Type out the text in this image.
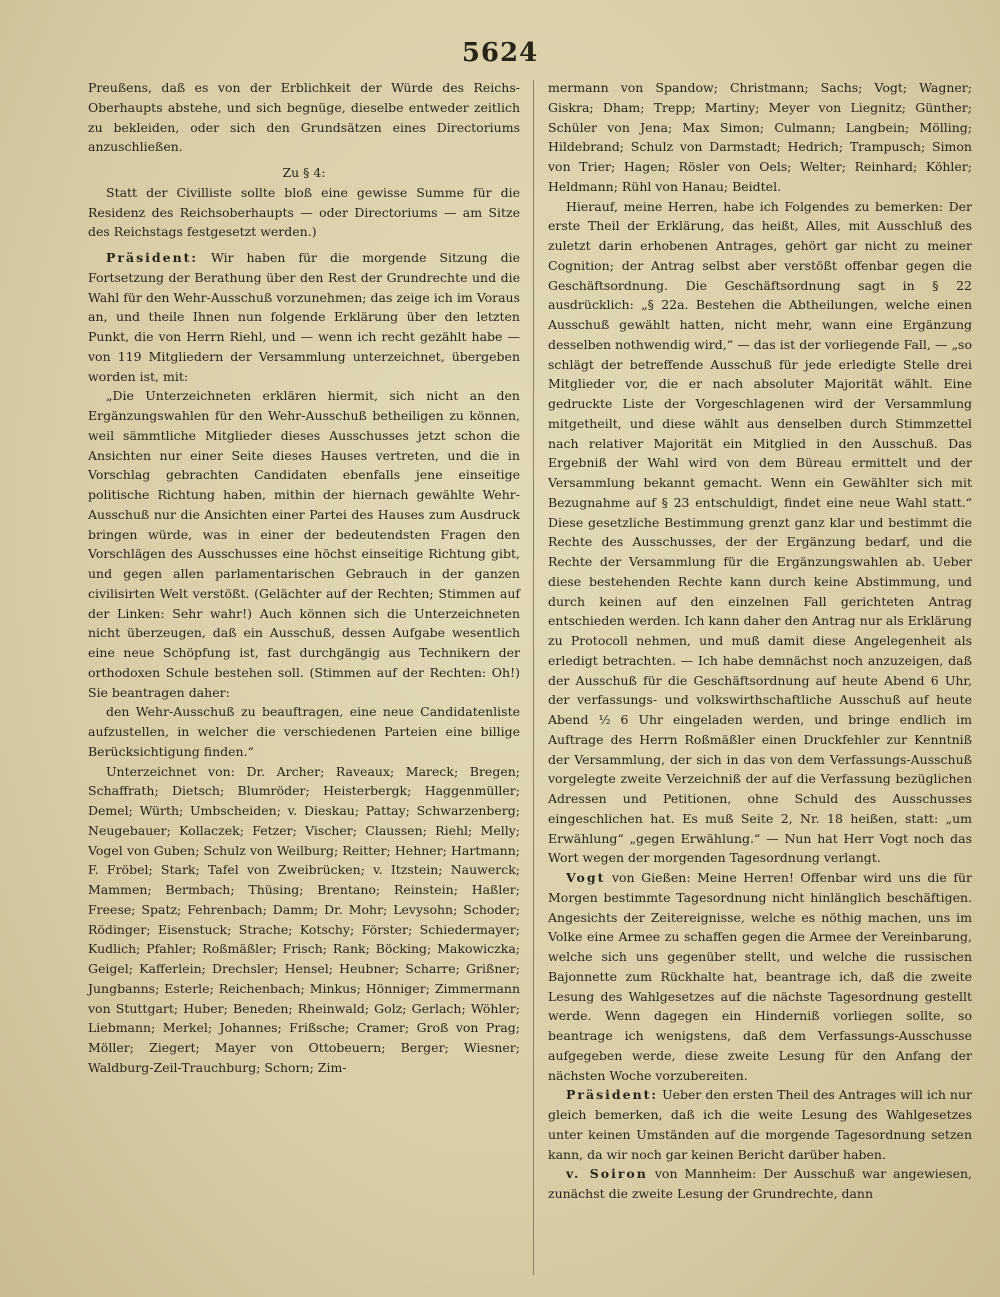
5624

Preußens, daß es von der Erblichkeit der Würde des Reichs-Oberhaupts abstehe, und sich begnüge, dieselbe entweder zeitlich zu bekleiden, oder sich den Grundsätzen eines Directoriums anzuschließen.

Zu § 4:

Statt der Civilliste sollte bloß eine gewisse Summe für die Residenz des Reichsoberhaupts — oder Directoriums — am Sitze des Reichstags festgesetzt werden.)

Präsident: Wir haben für die morgende Sitzung die Fortsetzung der Berathung über den Rest der Grundrechte und die Wahl für den Wehr-Ausschuß vorzunehmen; das zeige ich im Voraus an, und theile Ihnen nun folgende Erklärung über den letzten Punkt, die von Herrn Riehl, und — wenn ich recht gezählt habe — von 119 Mitgliedern der Versammlung unterzeichnet, übergeben worden ist, mit:

„Die Unterzeichneten erklären hiermit, sich nicht an den Ergänzungswahlen für den Wehr-Ausschuß betheiligen zu können, weil sämmtliche Mitglieder dieses Ausschusses jetzt schon die Ansichten nur einer Seite dieses Hauses vertreten, und die in Vorschlag gebrachten Candidaten ebenfalls jene einseitige politische Richtung haben, mithin der hiernach gewählte Wehr-Ausschuß nur die Ansichten einer Partei des Hauses zum Ausdruck bringen würde, was in einer der bedeutendsten Fragen den Vorschlägen des Ausschusses eine höchst einseitige Richtung gibt, und gegen allen parlamentarischen Gebrauch in der ganzen civilisirten Welt verstößt. (Gelächter auf der Rechten; Stimmen auf der Linken: Sehr wahr!) Auch können sich die Unterzeichneten nicht überzeugen, daß ein Ausschuß, dessen Aufgabe wesentlich eine neue Schöpfung ist, fast durchgängig aus Technikern der orthodoxen Schule bestehen soll. (Stimmen auf der Rechten: Oh!) Sie beantragen daher:

den Wehr-Ausschuß zu beauftragen, eine neue Candidatenliste aufzustellen, in welcher die verschiedenen Parteien eine billige Berücksichtigung finden.“

Unterzeichnet von: Dr. Archer; Raveaux; Mareck; Bregen; Schaffrath; Dietsch; Blumröder; Heisterbergk; Haggenmüller; Demel; Würth; Umbscheiden; v. Dieskau; Pattay; Schwarzenberg; Neugebauer; Kollaczek; Fetzer; Vischer; Claussen; Riehl; Melly; Vogel von Guben; Schulz von Weilburg; Reitter; Hehner; Hartmann; F. Fröbel; Stark; Tafel von Zweibrücken; v. Itzstein; Nauwerck; Mammen; Bermbach; Thüsing; Brentano; Reinstein; Haßler; Freese; Spatz; Fehrenbach; Damm; Dr. Mohr; Levysohn; Schoder; Rödinger; Eisenstuck; Strache; Kotschy; Förster; Schiedermayer; Kudlich; Pfahler; Roßmäßler; Frisch; Rank; Böcking; Makowiczka; Geigel; Kafferlein; Drechsler; Hensel; Heubner; Scharre; Grißner; Jungbanns; Esterle; Reichenbach; Minkus; Hönniger; Zimmermann von Stuttgart; Huber; Beneden; Rheinwald; Golz; Gerlach; Wöhler; Liebmann; Merkel; Johannes; Frißsche; Cramer; Groß von Prag; Möller; Ziegert; Mayer von Ottobeuern; Berger; Wiesner; Waldburg-Zeil-Trauchburg; Schorn; Zim-

mermann von Spandow; Christmann; Sachs; Vogt; Wagner; Giskra; Dham; Trepp; Martiny; Meyer von Liegnitz; Günther; Schüler von Jena; Max Simon; Culmann; Langbein; Mölling; Hildebrand; Schulz von Darmstadt; Hedrich; Trampusch; Simon von Trier; Hagen; Rösler von Oels; Welter; Reinhard; Köhler; Heldmann; Rühl von Hanau; Beidtel.

Hierauf, meine Herren, habe ich Folgendes zu bemerken: Der erste Theil der Erklärung, das heißt, Alles, mit Ausschluß des zuletzt darin erhobenen Antrages, gehört gar nicht zu meiner Cognition; der Antrag selbst aber verstößt offenbar gegen die Geschäftsordnung. Die Geschäftsordnung sagt in § 22 ausdrücklich: „§ 22a. Bestehen die Abtheilungen, welche einen Ausschuß gewählt hatten, nicht mehr, wann eine Ergänzung desselben nothwendig wird,“ — das ist der vorliegende Fall, — „so schlägt der betreffende Ausschuß für jede erledigte Stelle drei Mitglieder vor, die er nach absoluter Majorität wählt. Eine gedruckte Liste der Vorgeschlagenen wird der Versammlung mitgetheilt, und diese wählt aus denselben durch Stimmzettel nach relativer Majorität ein Mitglied in den Ausschuß. Das Ergebniß der Wahl wird von dem Büreau ermittelt und der Versammlung bekannt gemacht. Wenn ein Gewählter sich mit Bezugnahme auf § 23 entschuldigt, findet eine neue Wahl statt.“ Diese gesetzliche Bestimmung grenzt ganz klar und bestimmt die Rechte des Ausschusses, der der Ergänzung bedarf, und die Rechte der Versammlung für die Ergänzungswahlen ab. Ueber diese bestehenden Rechte kann durch keine Abstimmung, und durch keinen auf den einzelnen Fall gerichteten Antrag entschieden werden. Ich kann daher den Antrag nur als Erklärung zu Protocoll nehmen, und muß damit diese Angelegenheit als erledigt betrachten. — Ich habe demnächst noch anzuzeigen, daß der Ausschuß für die Geschäftsordnung auf heute Abend 6 Uhr, der verfassungs- und volkswirthschaftliche Ausschuß auf heute Abend ½ 6 Uhr eingeladen werden, und bringe endlich im Auftrage des Herrn Roßmäßler einen Druckfehler zur Kenntniß der Versammlung, der sich in das von dem Verfassungs-Ausschuß vorgelegte zweite Verzeichniß der auf die Verfassung bezüglichen Adressen und Petitionen, ohne Schuld des Ausschusses eingeschlichen hat. Es muß Seite 2, Nr. 18 heißen, statt: „um Erwählung“ „gegen Erwählung.“ — Nun hat Herr Vogt noch das Wort wegen der morgenden Tagesordnung verlangt.

Vogt von Gießen: Meine Herren! Offenbar wird uns die für Morgen bestimmte Tagesordnung nicht hinlänglich beschäftigen. Angesichts der Zeitereignisse, welche es nöthig machen, uns im Volke eine Armee zu schaffen gegen die Armee der Vereinbarung, welche sich uns gegenüber stellt, und welche die russischen Bajonnette zum Rückhalte hat, beantrage ich, daß die zweite Lesung des Wahlgesetzes auf die nächste Tagesordnung gestellt werde. Wenn dagegen ein Hinderniß vorliegen sollte, so beantrage ich wenigstens, daß dem Verfassungs-Ausschusse aufgegeben werde, diese zweite Lesung für den Anfang der nächsten Woche vorzubereiten.

Präsident: Ueber den ersten Theil des Antrages will ich nur gleich bemerken, daß ich die weite Lesung des Wahlgesetzes unter keinen Umständen auf die morgende Tagesordnung setzen kann, da wir noch gar keinen Bericht darüber haben.

v. Soiron von Mannheim: Der Ausschuß war angewiesen, zunächst die zweite Lesung der Grundrechte, dann
